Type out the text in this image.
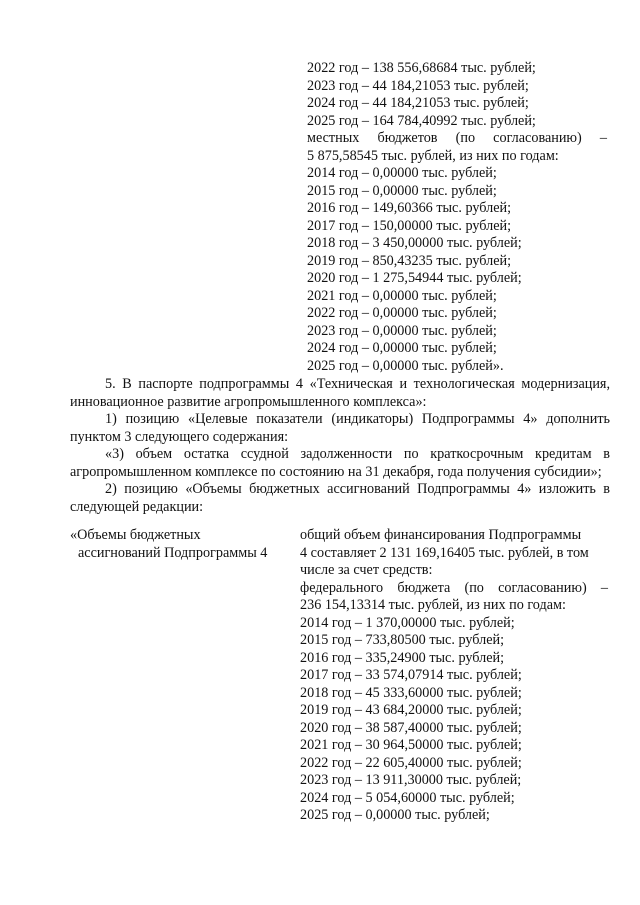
2022 год – 138 556,68684 тыс. рублей;
2023 год – 44 184,21053 тыс. рублей;
2024 год – 44 184,21053 тыс. рублей;
2025 год – 164 784,40992 тыс. рублей;
местных бюджетов (по согласованию) –
5 875,58545 тыс. рублей, из них по годам:
2014 год – 0,00000 тыс. рублей;
2015 год – 0,00000 тыс. рублей;
2016 год – 149,60366 тыс. рублей;
2017 год – 150,00000 тыс. рублей;
2018 год – 3 450,00000 тыс. рублей;
2019 год – 850,43235 тыс. рублей;
2020 год – 1 275,54944 тыс. рублей;
2021 год – 0,00000 тыс. рублей;
2022 год – 0,00000 тыс. рублей;
2023 год – 0,00000 тыс. рублей;
2024 год – 0,00000 тыс. рублей;
2025 год – 0,00000 тыс. рублей».
5. В паспорте подпрограммы 4 «Техническая и технологическая модернизация, инновационное развитие агропромышленного комплекса»:
1) позицию «Целевые показатели (индикаторы) Подпрограммы 4» дополнить пунктом 3 следующего содержания:
«3) объем остатка ссудной задолженности по краткосрочным кредитам в агропромышленном комплексе по состоянию на 31 декабря, года получения субсидии»;
2) позицию «Объемы бюджетных ассигнований Подпрограммы 4» изложить в следующей редакции:
«Объемы бюджетных
ассигнований Подпрограммы 4
общий объем финансирования Подпрограммы
4 составляет 2 131 169,16405 тыс. рублей, в том
числе за счет средств:
федерального бюджета (по согласованию) –
236 154,13314 тыс. рублей, из них по годам:
2014 год – 1 370,00000 тыс. рублей;
2015 год – 733,80500 тыс. рублей;
2016 год – 335,24900 тыс. рублей;
2017 год – 33 574,07914 тыс. рублей;
2018 год – 45 333,60000 тыс. рублей;
2019 год – 43 684,20000 тыс. рублей;
2020 год – 38 587,40000 тыс. рублей;
2021 год – 30 964,50000 тыс. рублей;
2022 год – 22 605,40000 тыс. рублей;
2023 год – 13 911,30000 тыс. рублей;
2024 год – 5 054,60000 тыс. рублей;
2025 год – 0,00000 тыс. рублей;
